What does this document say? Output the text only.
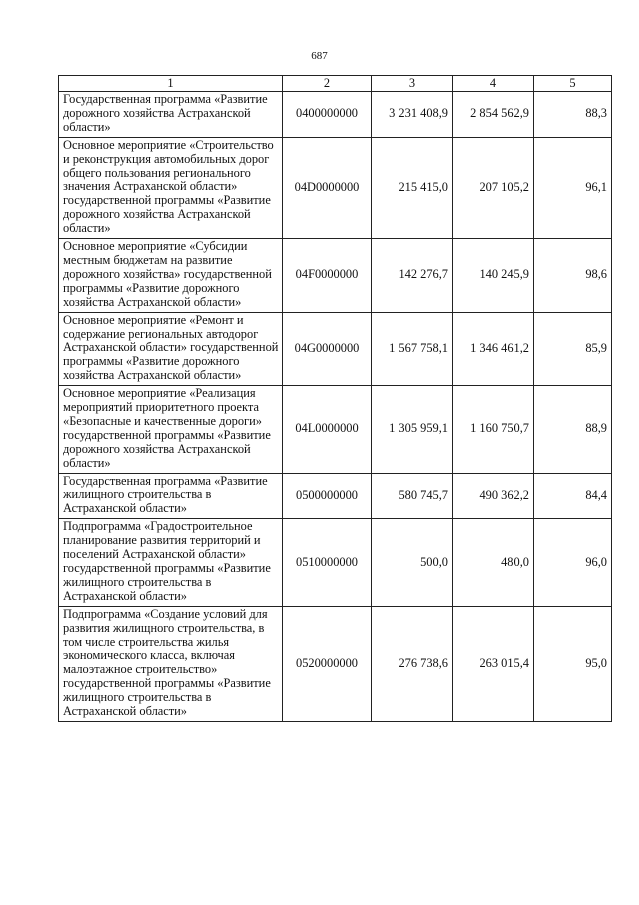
687
1	2	3	4	5
Государственная программа «Развитие дорожного хозяйства Астраханской области»	0400000000	3 231 408,9	2 854 562,9	88,3
Основное мероприятие «Строительство и реконструкция автомобильных дорог общего пользования регионального значения Астраханской области» государственной программы «Развитие дорожного хозяйства Астраханской области»	04D0000000	215 415,0	207 105,2	96,1
Основное мероприятие «Субсидии местным бюджетам на развитие дорожного хозяйства» государственной программы «Развитие дорожного хозяйства Астраханской области»	04F0000000	142 276,7	140 245,9	98,6
Основное мероприятие «Ремонт и содержание региональных автодорог Астраханской области» государственной программы «Развитие дорожного хозяйства Астраханской области»	04G0000000	1 567 758,1	1 346 461,2	85,9
Основное мероприятие «Реализация мероприятий приоритетного проекта «Безопасные и качественные дороги» государственной программы «Развитие дорожного хозяйства Астраханской области»	04L0000000	1 305 959,1	1 160 750,7	88,9
Государственная программа «Развитие жилищного строительства в Астраханской области»	0500000000	580 745,7	490 362,2	84,4
Подпрограмма «Градостроительное планирование развития территорий и поселений Астраханской области» государственной программы «Развитие жилищного строительства в Астраханской области»	0510000000	500,0	480,0	96,0
Подпрограмма «Создание условий для развития жилищного строительства, в том числе строительства жилья экономического класса, включая малоэтажное строительство» государственной программы «Развитие жилищного строительства в Астраханской области»	0520000000	276 738,6	263 015,4	95,0
